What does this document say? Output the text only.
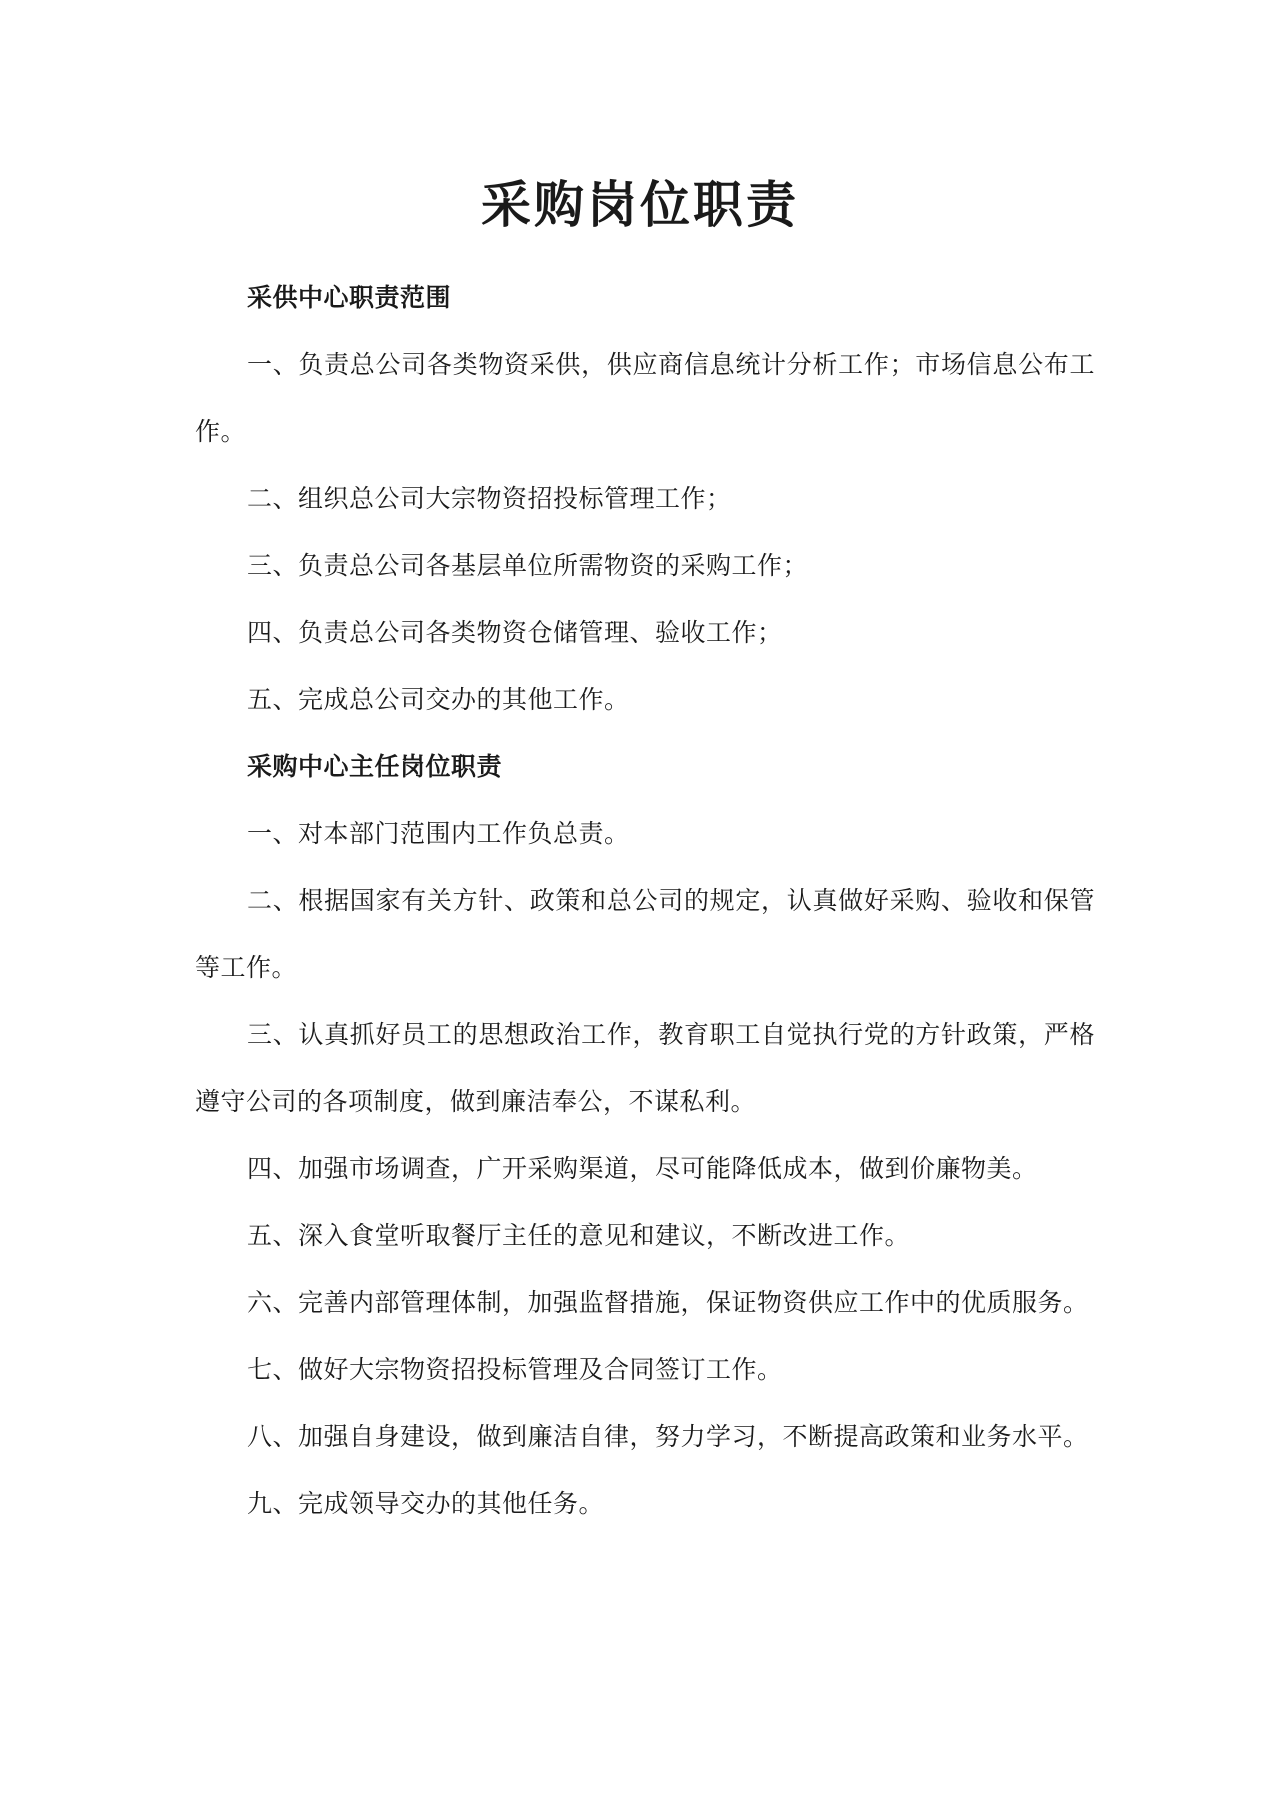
采购岗位职责

采供中心职责范围

一、负责总公司各类物资采供，供应商信息统计分析工作；市场信息公布工作。

二、组织总公司大宗物资招投标管理工作；

三、负责总公司各基层单位所需物资的采购工作；

四、负责总公司各类物资仓储管理、验收工作；

五、完成总公司交办的其他工作。

采购中心主任岗位职责

一、对本部门范围内工作负总责。

二、根据国家有关方针、政策和总公司的规定，认真做好采购、验收和保管等工作。

三、认真抓好员工的思想政治工作，教育职工自觉执行党的方针政策，严格遵守公司的各项制度，做到廉洁奉公，不谋私利。

四、加强市场调查，广开采购渠道，尽可能降低成本，做到价廉物美。

五、深入食堂听取餐厅主任的意见和建议，不断改进工作。

六、完善内部管理体制，加强监督措施，保证物资供应工作中的优质服务。

七、做好大宗物资招投标管理及合同签订工作。

八、加强自身建设，做到廉洁自律，努力学习，不断提高政策和业务水平。

九、完成领导交办的其他任务。
